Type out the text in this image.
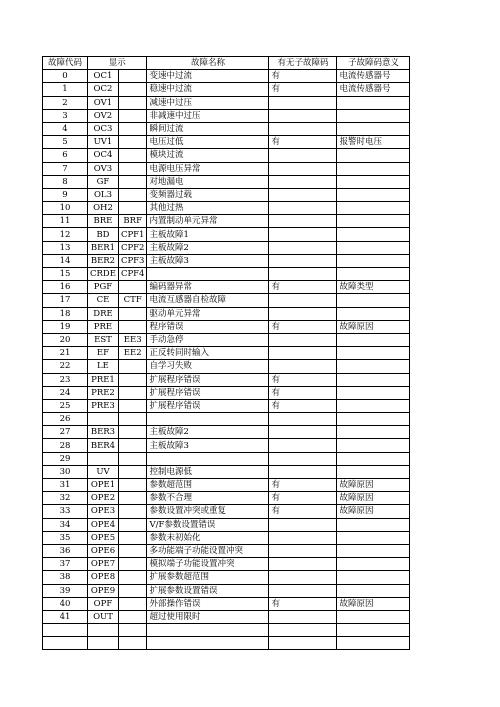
故障代码	显示		故障名称	有无子故障码	子故障码意义
0	OC1		变速中过流	有	电流传感器号
1	OC2		稳速中过流	有	电流传感器号
2	OV1		减速中过压		
3	OV2		非减速中过压		
4	OC3		瞬间过流		
5	UV1		电压过低	有	报警时电压
6	OC4		模块过流		
7	OV3		电源电压异常		
8	GF		对地漏电		
9	OL3		变频器过载		
10	OH2		其他过热		
11	BRE	BRF	内置制动单元异常		
12	BD	CPF1	主板故障1		
13	BER1	CPF2	主板故障2		
14	BER2	CPF3	主板故障3		
15	CRDE	CPF4			
16	PGF		编码器异常	有	故障类型
17	CE	CTF	电流互感器自检故障		
18	DRE		驱动单元异常		
19	PRE		程序错误	有	故障原因
20	EST	EE3	手动急停		
21	EF	EE2	正反转同时输入		
22	LE		自学习失败		
23	PRE1		扩展程序错误	有	
24	PRE2		扩展程序错误	有	
25	PRE3		扩展程序错误	有	
26					
27	BER3		主板故障2		
28	BER4		主板故障3		
29					
30	UV		控制电源低		
31	OPE1		参数超范围	有	故障原因
32	OPE2		参数不合理	有	故障原因
33	OPE3		参数设置冲突或重复	有	故障原因
34	OPE4		V/F参数设置错误		
35	OPE5		参数未初始化		
36	OPE6		多功能端子功能设置冲突		
37	OPE7		模拟端子功能设置冲突		
38	OPE8		扩展参数超范围		
39	OPE9		扩展参数设置错误		
40	OPF		外部操作错误	有	故障原因
41	OUT		超过使用限时		
